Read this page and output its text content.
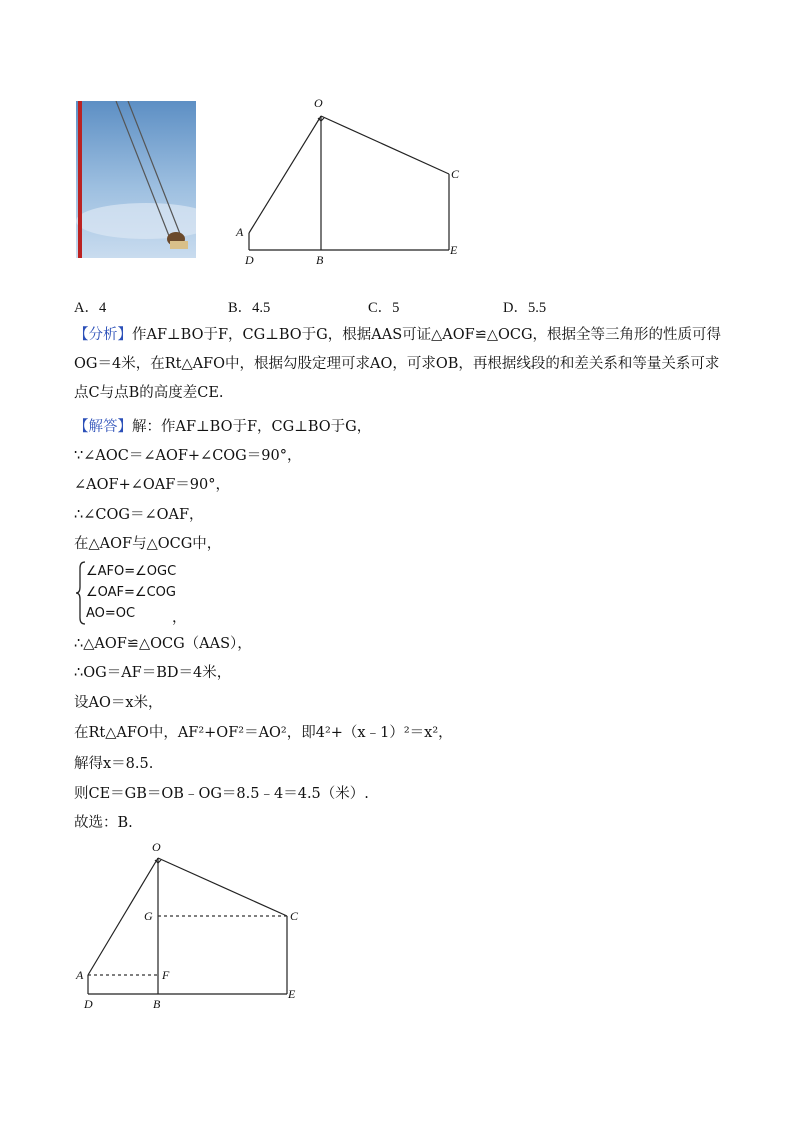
O
C
A
D	B
E
A．4	B．4.5	C．5	D．5.5
【分析】作AF⊥BO于F，CG⊥BO于G，根据AAS可证△AOF≌△OCG，根据全等三角形的性质可得OG＝4米，在Rt△AFO中，根据勾股定理可求AO，可求OB，再根据线段的和差关系和等量关系可求点C与点B的高度差CE.
【解答】解：作AF⊥BO于F，CG⊥BO于G，
∵∠AOC＝∠AOF+∠COG＝90°，
∠AOF+∠OAF＝90°，
∴∠COG＝∠OAF，
在△AOF与△OCG中，
∠AFO=∠OGC
∠OAF=∠COG
AO=OC	，
∴△AOF≌△OCG（AAS），
∴OG＝AF＝BD＝4米，
设AO＝x米，
在Rt△AFO中，AF²+OF²＝AO²，即4²+（x﹣1）²＝x²，
解得x＝8.5.
则CE＝GB＝OB﹣OG＝8.5﹣4＝4.5（米）.
故选：B.
O
G	C
A	F
D	B
E
